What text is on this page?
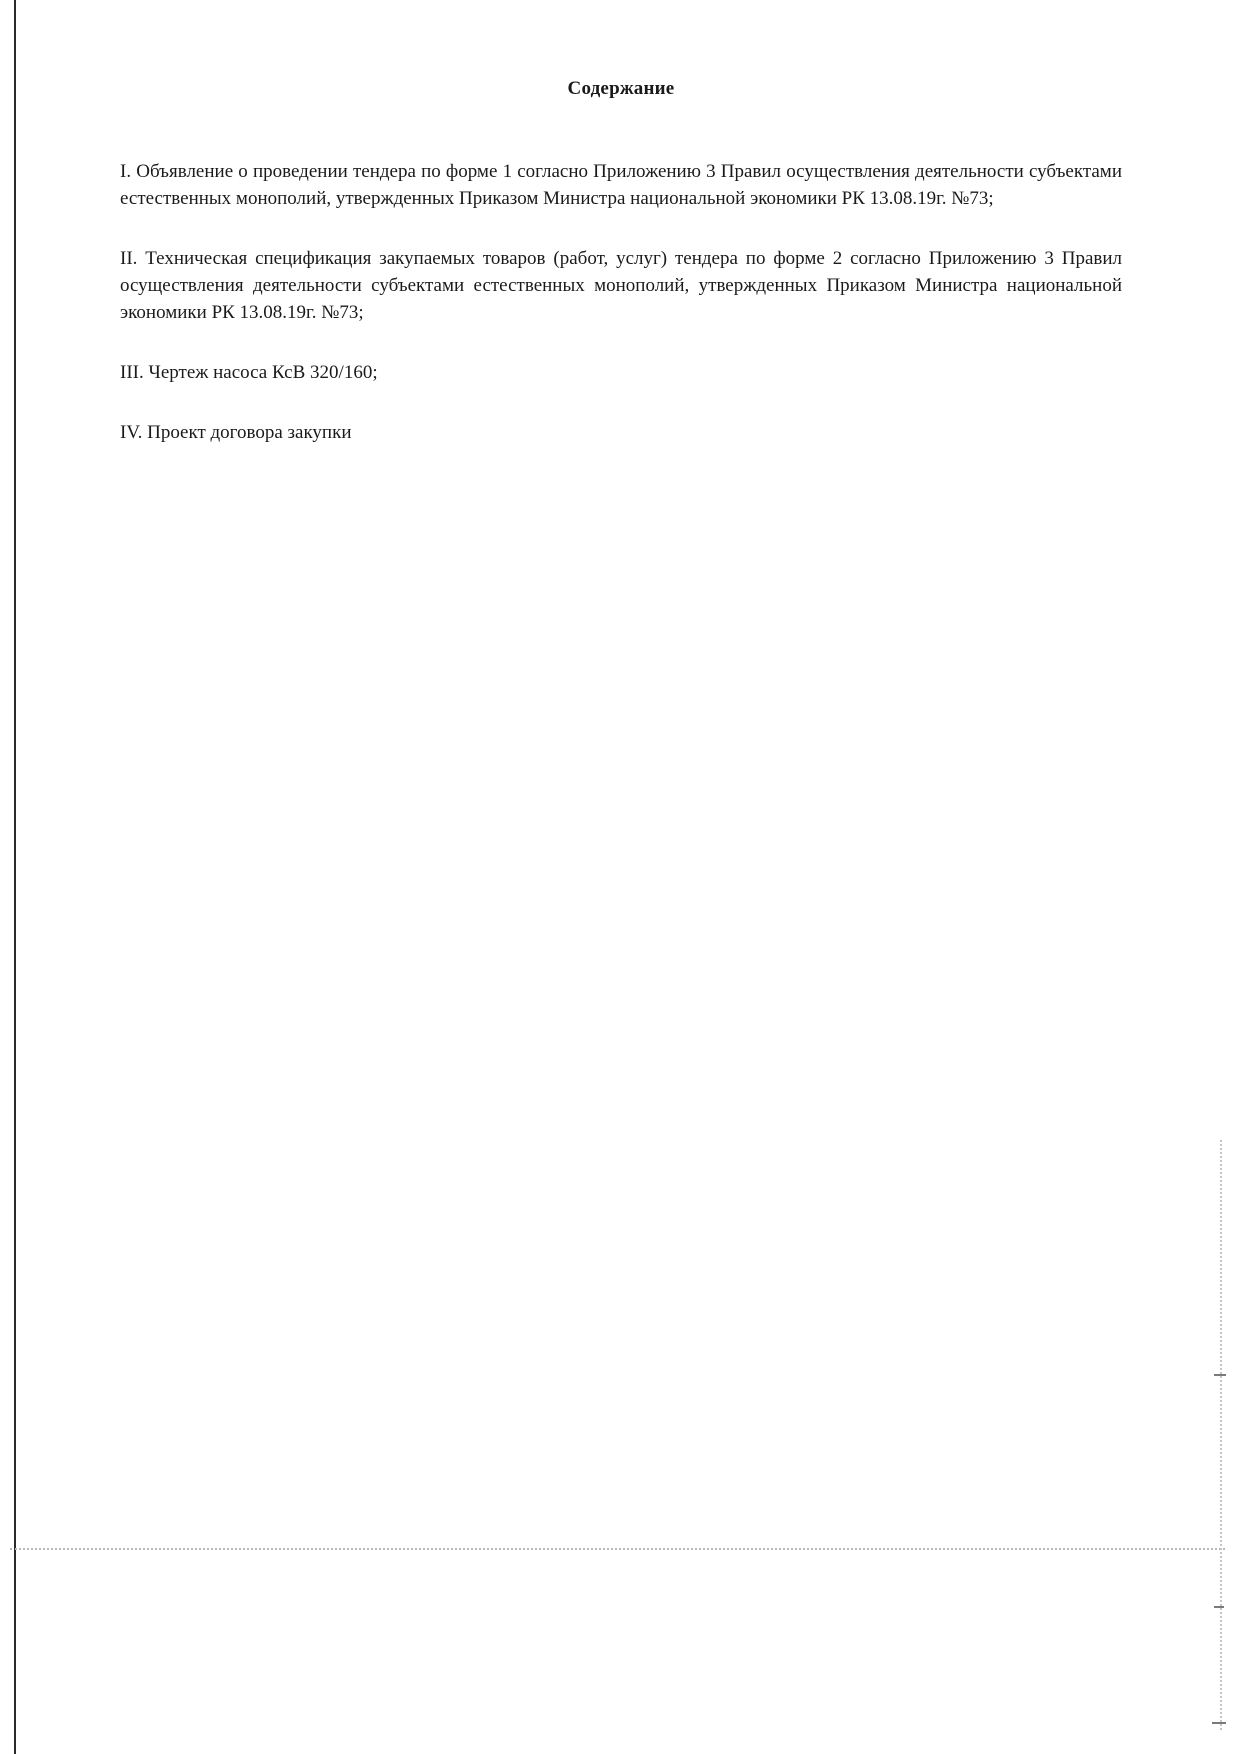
Содержание

I. Объявление о проведении тендера по форме 1 согласно Приложению 3 Правил осуществления деятельности субъектами естественных монополий, утвержденных Приказом Министра национальной экономики РК 13.08.19г. №73;

II. Техническая спецификация закупаемых товаров (работ, услуг) тендера по форме 2 согласно Приложению 3 Правил осуществления деятельности субъектами естественных монополий, утвержденных Приказом Министра национальной экономики РК 13.08.19г. №73;

III. Чертеж насоса КсВ 320/160;

IV. Проект договора закупки
